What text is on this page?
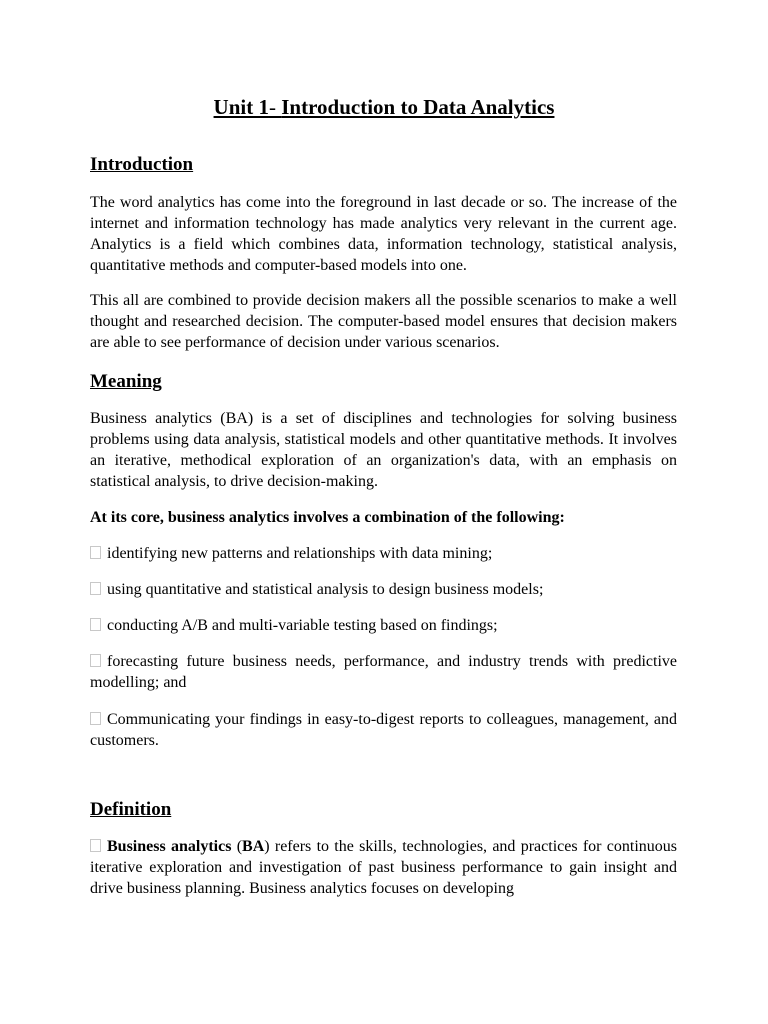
Unit 1- Introduction to Data Analytics
Introduction
The word analytics has come into the foreground in last decade or so. The increase of the internet and information technology has made analytics very relevant in the current age. Analytics is a field which combines data, information technology, statistical analysis, quantitative methods and computer-based models into one.
This all are combined to provide decision makers all the possible scenarios to make a well thought and researched decision. The computer-based model ensures that decision makers are able to see performance of decision under various scenarios.
Meaning
Business analytics (BA) is a set of disciplines and technologies for solving business problems using data analysis, statistical models and other quantitative methods. It involves an iterative, methodical exploration of an organization's data, with an emphasis on statistical analysis, to drive decision-making.
At its core, business analytics involves a combination of the following:
identifying new patterns and relationships with data mining;
using quantitative and statistical analysis to design business models;
conducting A/B and multi-variable testing based on findings;
forecasting future business needs, performance, and industry trends with predictive modelling; and
Communicating your findings in easy-to-digest reports to colleagues, management, and customers.
Definition
Business analytics (BA) refers to the skills, technologies, and practices for continuous iterative exploration and investigation of past business performance to gain insight and drive business planning. Business analytics focuses on developing
